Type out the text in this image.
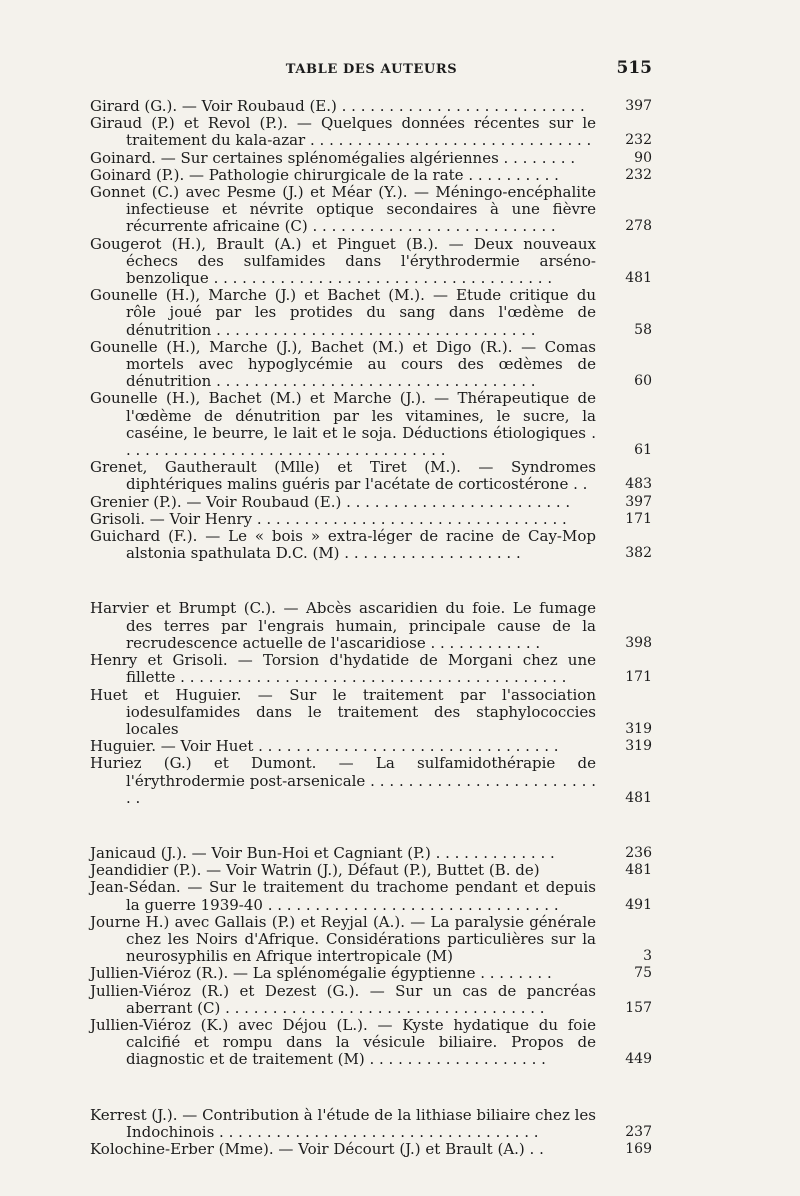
TABLE DES AUTEURS	515
Girard (G.). — Voir Roubaud (E.) . . . . . . . . . . . . . . . . . . . . . . . . . .	397
Giraud (P.) et Revol (P.). — Quelques données récentes sur le traitement du kala-azar . . . . . . . . . . . . . . . . . . . . . . . . . . . . . .	232
Goinard. — Sur certaines splénomégalies algériennes . . . . . . . .	90
Goinard (P.). — Pathologie chirurgicale de la rate . . . . . . . . . .	232
Gonnet (C.) avec Pesme (J.) et Méar (Y.). — Méningo-encéphalite infectieuse et névrite optique secondaires à une fièvre récurrente africaine (C) . . . . . . . . . . . . . . . . . . . . . . . . . .	278
Gougerot (H.), Brault (A.) et Pinguet (B.). — Deux nouveaux échecs des sulfamides dans l'érythrodermie arséno-benzolique . . . . . . . . . . . . . . . . . . . . . . . . . . . . . . . . . . . .	481
Gounelle (H.), Marche (J.) et Bachet (M.). — Etude critique du rôle joué par les protides du sang dans l'œdème de dénutrition . . . . . . . . . . . . . . . . . . . . . . . . . . . . . . . . . .	58
Gounelle (H.), Marche (J.), Bachet (M.) et Digo (R.). — Comas mortels avec hypoglycémie au cours des œdèmes de dénutrition . . . . . . . . . . . . . . . . . . . . . . . . . . . . . . . . . .	60
Gounelle (H.), Bachet (M.) et Marche (J.). — Thérapeutique de l'œdème de dénutrition par les vitamines, le sucre, la caséine, le beurre, le lait et le soja. Déductions étiologiques . . . . . . . . . . . . . . . . . . . . . . . . . . . . . . . . . . .	61
Grenet, Gautherault (Mlle) et Tiret (M.). — Syndromes diphtériques malins guéris par l'acétate de corticostérone . .	483
Grenier (P.). — Voir Roubaud (E.) . . . . . . . . . . . . . . . . . . . . . . . .	397
Grisoli. — Voir Henry . . . . . . . . . . . . . . . . . . . . . . . . . . . . . . . . .	171
Guichard (F.). — Le « bois » extra-léger de racine de Cay-Mop alstonia spathulata D.C. (M) . . . . . . . . . . . . . . . . . . .	382
Harvier et Brumpt (C.). — Abcès ascaridien du foie. Le fumage des terres par l'engrais humain, principale cause de la recrudescence actuelle de l'ascaridiose . . . . . . . . . . . .	398
Henry et Grisoli. — Torsion d'hydatide de Morgani chez une fillette . . . . . . . . . . . . . . . . . . . . . . . . . . . . . . . . . . . . . . . . .	171
Huet et Huguier. — Sur le traitement par l'association iodesulfamides dans le traitement des staphylococcies locales	319
Huguier. — Voir Huet . . . . . . . . . . . . . . . . . . . . . . . . . . . . . . . .	319
Huriez (G.) et Dumont. — La sulfamidothérapie de l'érythrodermie post-arsenicale . . . . . . . . . . . . . . . . . . . . . . . . . .	481
Janicaud (J.). — Voir Bun-Hoi et Cagniant (P.) . . . . . . . . . . . . .	236
Jeandidier (P.). — Voir Watrin (J.), Défaut (P.), Buttet (B. de)	481
Jean-Sédan. — Sur le traitement du trachome pendant et depuis la guerre 1939-40 . . . . . . . . . . . . . . . . . . . . . . . . . . . . . . .	491
Journe H.) avec Gallais (P.) et Reyjal (A.). — La paralysie générale chez les Noirs d'Afrique. Considérations particulières sur la neurosyphilis en Afrique intertropicale (M)	3
Jullien-Viéroz (R.). — La splénomégalie égyptienne . . . . . . . .	75
Jullien-Viéroz (R.) et Dezest (G.). — Sur un cas de pancréas aberrant (C) . . . . . . . . . . . . . . . . . . . . . . . . . . . . . . . . . .	157
Jullien-Viéroz (K.) avec Déjou (L.). — Kyste hydatique du foie calcifié et rompu dans la vésicule biliaire. Propos de diagnostic et de traitement (M) . . . . . . . . . . . . . . . . . . .	449
Kerrest (J.). — Contribution à l'étude de la lithiase biliaire chez les Indochinois . . . . . . . . . . . . . . . . . . . . . . . . . . . . . . . . . .	237
Kolochine-Erber (Mme). — Voir Décourt (J.) et Brault (A.) . .	169
